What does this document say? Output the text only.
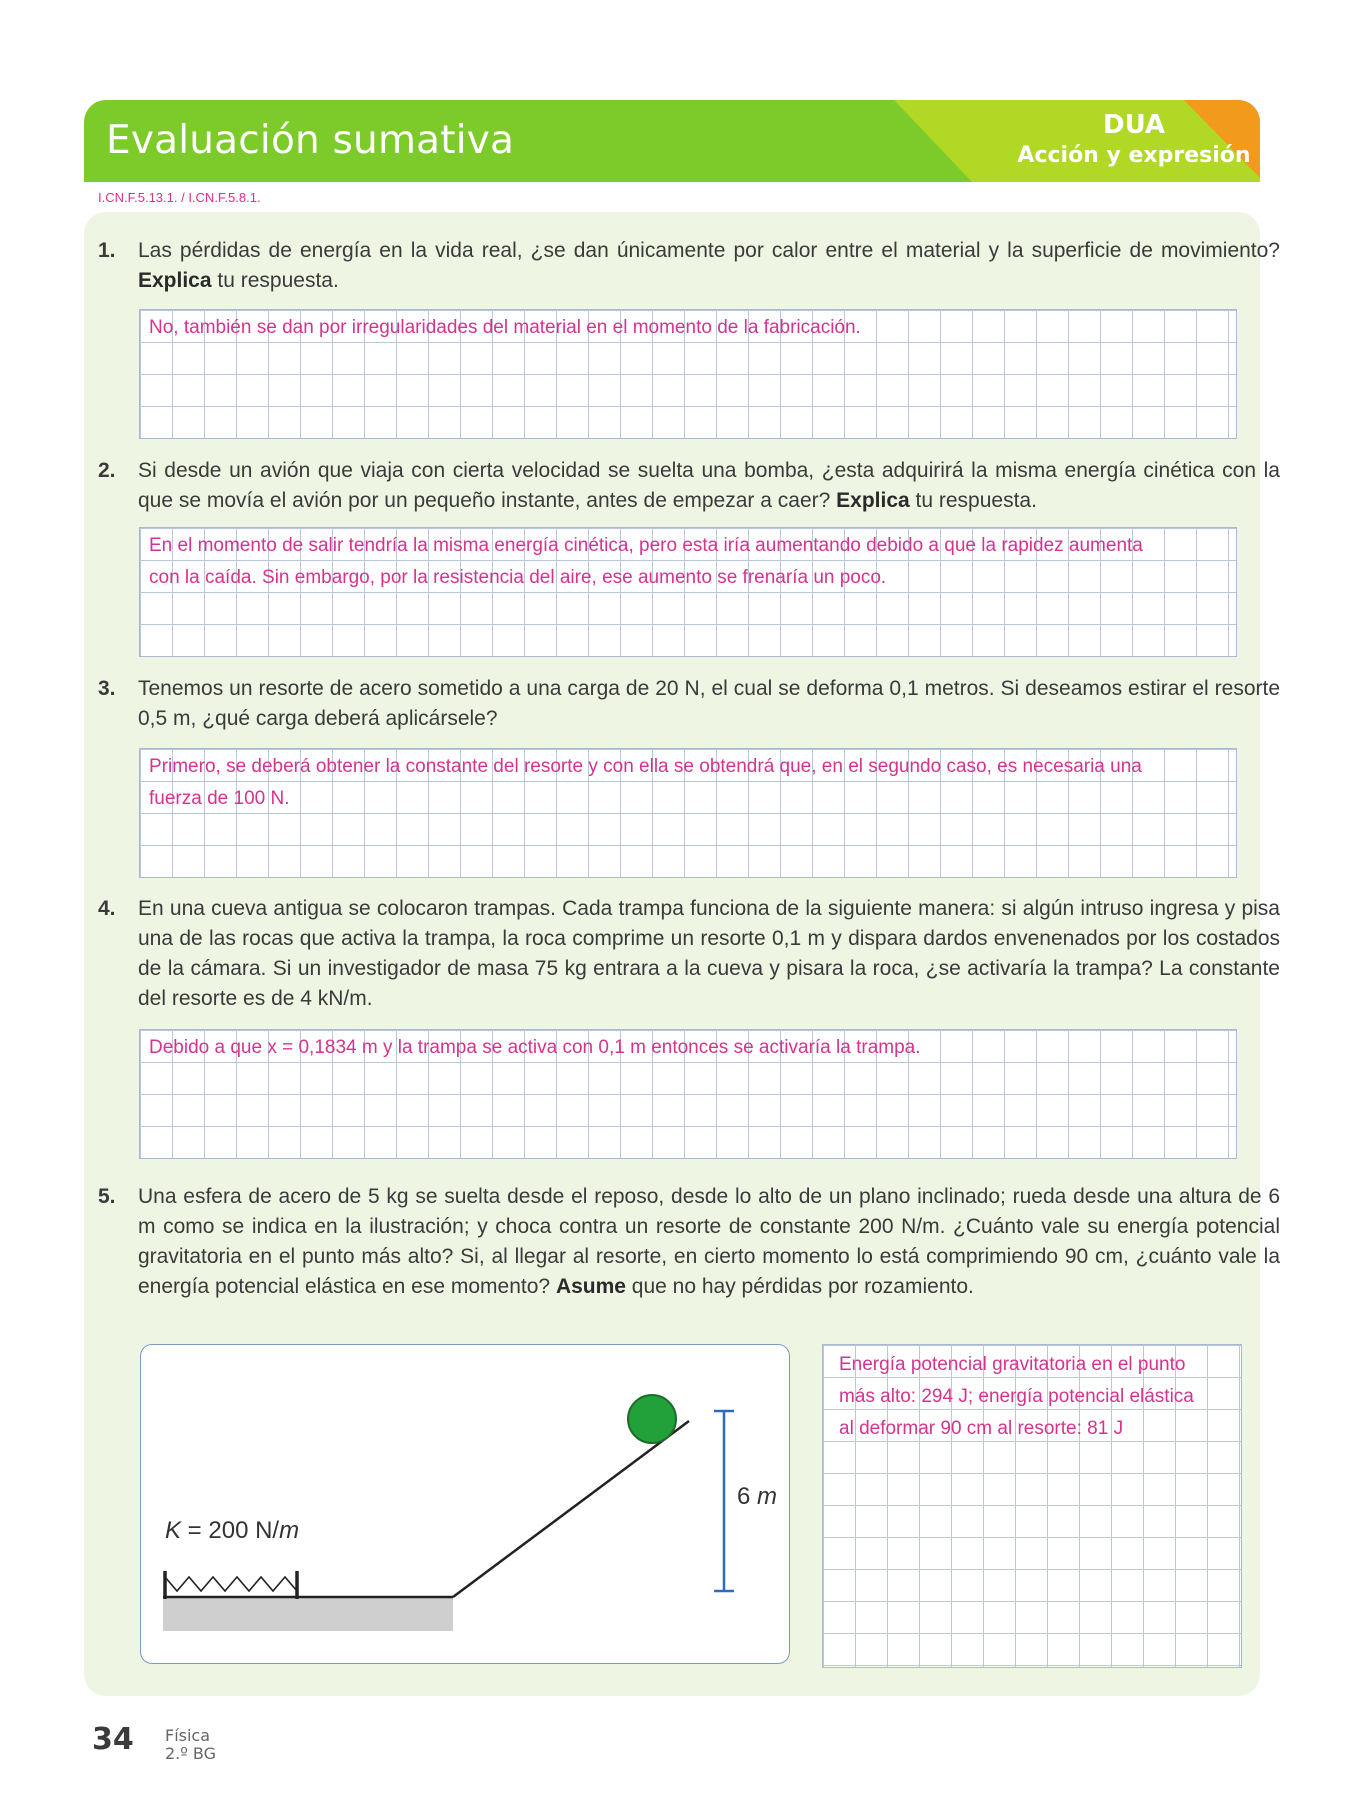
Evaluación sumativa	DUA
Acción y expresión
I.CN.F.5.13.1. / I.CN.F.5.8.1.
1. Las pérdidas de energía en la vida real, ¿se dan únicamente por calor entre el material y la superficie de movimiento? Explica tu respuesta.
No, también se dan por irregularidades del material en el momento de la fabricación.
2. Si desde un avión que viaja con cierta velocidad se suelta una bomba, ¿esta adquirirá la misma energía cinética con la que se movía el avión por un pequeño instante, antes de empezar a caer? Explica tu respuesta.
En el momento de salir tendría la misma energía cinética, pero esta iría aumentando debido a que la rapidez aumenta
con la caída. Sin embargo, por la resistencia del aire, ese aumento se frenaría un poco.
3. Tenemos un resorte de acero sometido a una carga de 20 N, el cual se deforma 0,1 metros. Si deseamos estirar el resorte 0,5 m, ¿qué carga deberá aplicársele?
Primero, se deberá obtener la constante del resorte y con ella se obtendrá que, en el segundo caso, es necesaria una
fuerza de 100 N.
4. En una cueva antigua se colocaron trampas. Cada trampa funciona de la siguiente manera: si algún intruso ingresa y pisa una de las rocas que activa la trampa, la roca comprime un resorte 0,1 m y dispara dardos envenenados por los costados de la cámara. Si un investigador de masa 75 kg entrara a la cueva y pisara la roca, ¿se activaría la trampa? La constante del resorte es de 4 kN/m.
Debido a que x = 0,1834 m y la trampa se activa con 0,1 m entonces se activaría la trampa.
5. Una esfera de acero de 5 kg se suelta desde el reposo, desde lo alto de un plano inclinado; rueda desde una altura de 6 m como se indica en la ilustración; y choca contra un resorte de constante 200 N/m. ¿Cuánto vale su energía potencial gravitatoria en el punto más alto? Si, al llegar al resorte, en cierto momento lo está comprimiendo 90 cm, ¿cuánto vale la energía potencial elástica en ese momento? Asume que no hay pérdidas por rozamiento.
6 m
K = 200 N/m
Energía potencial gravitatoria en el punto
más alto: 294 J; energía potencial elástica
al deformar 90 cm al resorte: 81 J
34 Física
2.º BG
